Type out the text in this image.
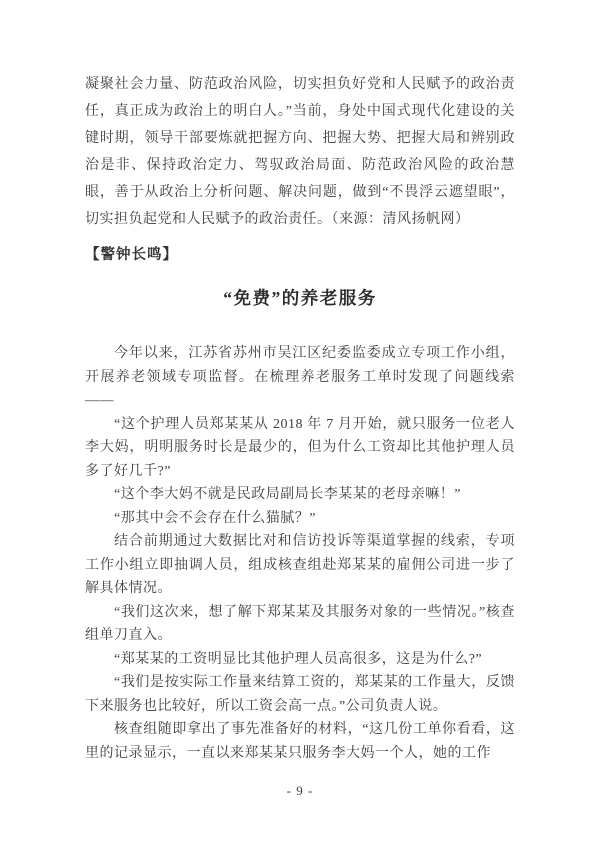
凝聚社会力量、防范政治风险，切实担负好党和人民赋予的政治责任，真正成为政治上的明白人。”当前，身处中国式现代化建设的关键时期，领导干部要炼就把握方向、把握大势、把握大局和辨别政治是非、保持政治定力、驾驭政治局面、防范政治风险的政治慧眼，善于从政治上分析问题、解决问题，做到“不畏浮云遮望眼”，切实担负起党和人民赋予的政治责任。（来源：清风扬帆网）

【警钟长鸣】
“免费”的养老服务

今年以来，江苏省苏州市吴江区纪委监委成立专项工作小组，开展养老领域专项监督。在梳理养老服务工单时发现了问题线索——

“这个护理人员郑某某从 2018 年 7 月开始，就只服务一位老人李大妈，明明服务时长是最少的，但为什么工资却比其他护理人员多了好几千?”

“这个李大妈不就是民政局副局长李某某的老母亲嘛！”

“那其中会不会存在什么猫腻？”

结合前期通过大数据比对和信访投诉等渠道掌握的线索，专项工作小组立即抽调人员，组成核查组赴郑某某的雇佣公司进一步了解具体情况。

“我们这次来，想了解下郑某某及其服务对象的一些情况。”核查组单刀直入。

“郑某某的工资明显比其他护理人员高很多，这是为什么?”

“我们是按实际工作量来结算工资的，郑某某的工作量大，反馈下来服务也比较好，所以工资会高一点。”公司负责人说。

核查组随即拿出了事先准备好的材料，“这几份工单你看看，这里的记录显示，一直以来郑某某只服务李大妈一个人，她的工作

- 9 -
